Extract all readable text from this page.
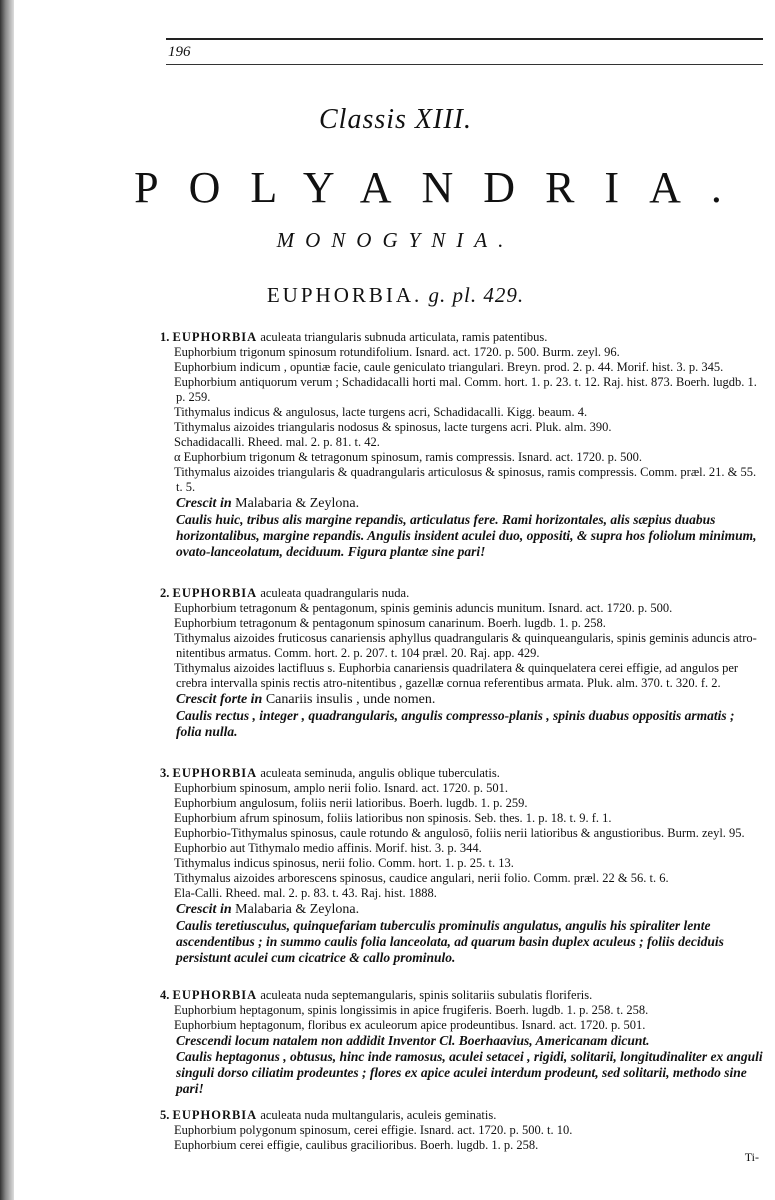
196
Classis XIII.
POLYANDRIA.
MONOGYNIA.
EUPHORBIA. g. pl. 429.
1. EUPHORBIA aculeata triangularis subnuda articulata, ramis patentibus.
Euphorbium trigonum spinosum rotundifolium. Isnard. act. 1720. p. 500. Burm. zeyl. 96.
Euphorbium indicum , opuntiæ facie, caule geniculato triangulari. Breyn. prod. 2. p. 44. Morif. hist. 3. p. 345.
Euphorbium antiquorum verum ; Schadidacalli horti mal. Comm. hort. 1. p. 23. t. 12. Raj. hist. 873. Boerh. lugdb. 1. p. 259.
Tithymalus indicus & angulosus, lacte turgens acri, Schadidacalli. Kigg. beaum. 4.
Tithymalus aizoides triangularis nodosus & spinosus, lacte turgens acri. Pluk. alm. 390.
Schadidacalli. Rheed. mal. 2. p. 81. t. 42.
α Euphorbium trigonum & tetragonum spinosum, ramis compressis. Isnard. act. 1720. p. 500.
Tithymalus aizoides triangularis & quadrangularis articulosus & spinosus, ramis compressis. Comm. præl. 21. & 55. t. 5.
Crescit in Malabaria & Zeylona.
Caulis huic, tribus alis margine repandis, articulatus fere. Rami horizontales, alis sæpius duabus horizontalibus, margine repandis. Angulis insident aculei duo, oppositi, & supra hos foliolum minimum, ovato-lanceolatum, deciduum. Figura plantæ sine pari!
2. EUPHORBIA aculeata quadrangularis nuda.
Euphorbium tetragonum & pentagonum, spinis geminis aduncis munitum. Isnard. act. 1720. p. 500.
Euphorbium tetragonum & pentagonum spinosum canarinum. Boerh. lugdb. 1. p. 258.
Tithymalus aizoides fruticosus canariensis aphyllus quadrangularis & quinqueangularis, spinis geminis aduncis atro-nitentibus armatus. Comm. hort. 2. p. 207. t. 104 præl. 20. Raj. app. 429.
Tithymalus aizoides lactifluus s. Euphorbia canariensis quadrilatera & quinquelatera cerei effigie, ad angulos per crebra intervalla spinis rectis atro-nitentibus , gazellæ cornua referentibus armata. Pluk. alm. 370. t. 320. f. 2.
Crescit forte in Canariis insulis , unde nomen.
Caulis rectus , integer , quadrangularis, angulis compresso-planis , spinis duabus oppositis armatis ; folia nulla.
3. EUPHORBIA aculeata seminuda, angulis oblique tuberculatis.
Euphorbium spinosum, amplo nerii folio. Isnard. act. 1720. p. 501.
Euphorbium angulosum, foliis nerii latioribus. Boerh. lugdb. 1. p. 259.
Euphorbium afrum spinosum, foliis latioribus non spinosis. Seb. thes. 1. p. 18. t. 9. f. 1.
Euphorbio-Tithymalus spinosus, caule rotundo & angulosō, foliis nerii latioribus & angustioribus. Burm. zeyl. 95.
Euphorbio aut Tithymalo medio affinis. Morif. hist. 3. p. 344.
Tithymalus indicus spinosus, nerii folio. Comm. hort. 1. p. 25. t. 13.
Tithymalus aizoides arborescens spinosus, caudice angulari, nerii folio. Comm. præl. 22 & 56. t. 6.
Ela-Calli. Rheed. mal. 2. p. 83. t. 43. Raj. hist. 1888.
Crescit in Malabaria & Zeylona.
Caulis teretiusculus, quinquefariam tuberculis prominulis angulatus, angulis his spiraliter lente ascendentibus ; in summo caulis folia lanceolata, ad quarum basin duplex aculeus ; foliis deciduis persistunt aculei cum cicatrice & callo prominulo.
4. EUPHORBIA aculeata nuda septemangularis, spinis solitariis subulatis floriferis.
Euphorbium heptagonum, spinis longissimis in apice frugiferis. Boerh. lugdb. 1. p. 258. t. 258.
Euphorbium heptagonum, floribus ex aculeorum apice prodeuntibus. Isnard. act. 1720. p. 501.
Crescendi locum natalem non addidit Inventor Cl. Boerhaavius, Americanam dicunt.
Caulis heptagonus , obtusus, hinc inde ramosus, aculei setacei , rigidi, solitarii, longitudinaliter ex anguli singuli dorso ciliatim prodeuntes ; flores ex apice aculei interdum prodeunt, sed solitarii, methodo sine pari!
5. EUPHORBIA aculeata nuda multangularis, aculeis geminatis.
Euphorbium polygonum spinosum, cerei effigie. Isnard. act. 1720. p. 500. t. 10.
Euphorbium cerei effigie, caulibus gracilioribus. Boerh. lugdb. 1. p. 258.
Ti-
